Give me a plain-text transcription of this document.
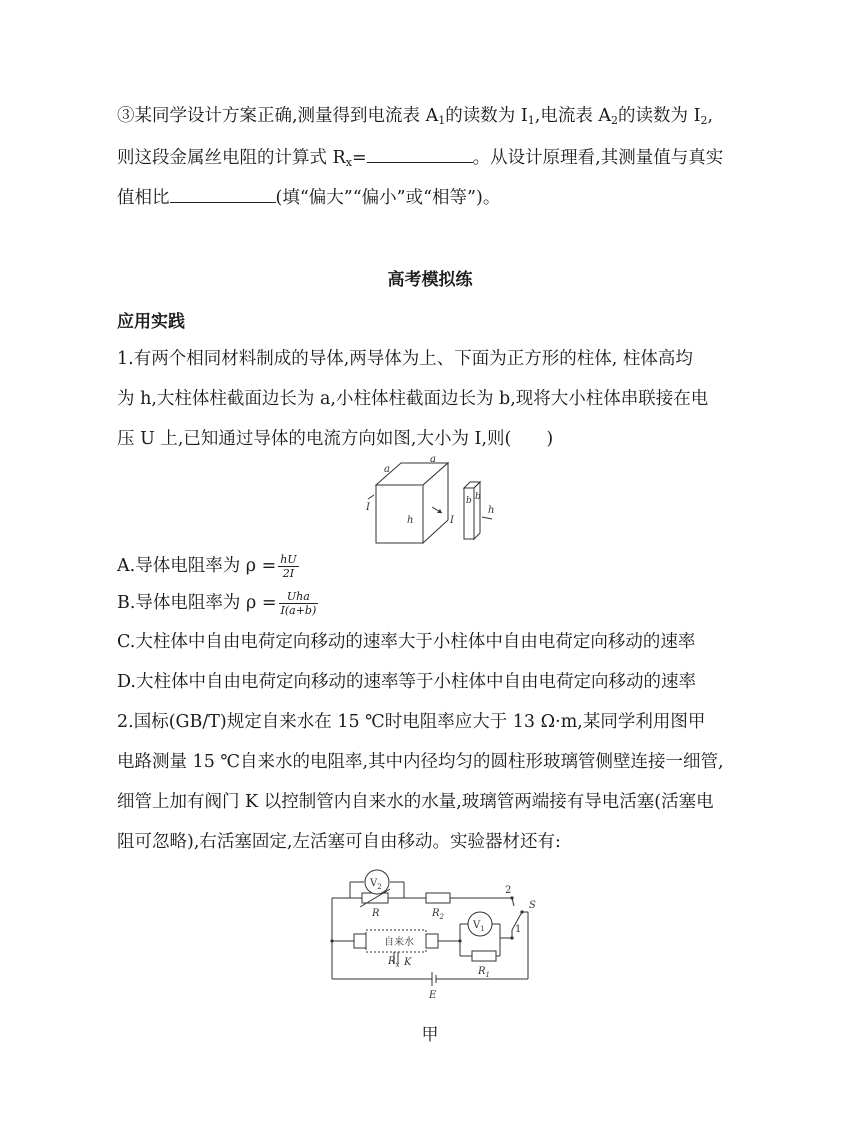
③某同学设计方案正确,测量得到电流表 $A_1$的读数为 $I_1$,电流表 $A_2$的读数为 $I_2$,
则这段金属丝电阻的计算式 $R_x=$	。从设计原理看,其测量值与真实
值相比	(填“偏大”“偏小”或“相等”)。
高考模拟练
应用实践
1.有两个相同材料制成的导体,两导体为上、下面为正方形的柱体, 柱体高均
为 h,大柱体柱截面边长为 a,小柱体柱截面边长为 b,现将大小柱体串联接在电
压 U 上,已知通过导体的电流方向如图,大小为 I,则(　　)
a
a
I
h	I
b b
h
A.导体电阻率为 $\rho = \frac{hU}{2I}$
B.导体电阻率为 $\rho = \frac{\text{Uha}}{I(a+b)}$
C.大柱体中自由电荷定向移动的速率大于小柱体中自由电荷定向移动的速率
D.大柱体中自由电荷定向移动的速率等于小柱体中自由电荷定向移动的速率
2.国标(GB/T)规定自来水在 15 ℃时电阻率应大于 13 Ω·m,某同学利用图甲
电路测量 15 ℃自来水的电阻率,其中内径均匀的圆柱形玻璃管侧壁连接一细管,
细管上加有阀门 K 以控制管内自来水的水量,玻璃管两端接有导电活塞(活塞电
阻可忽略),右活塞固定,左活塞可自由移动。实验器材还有:
$V_2$
$V_1$
R	$R_2$
自来水
$R_x$ K
$R_1$
2
S
1
E
甲
